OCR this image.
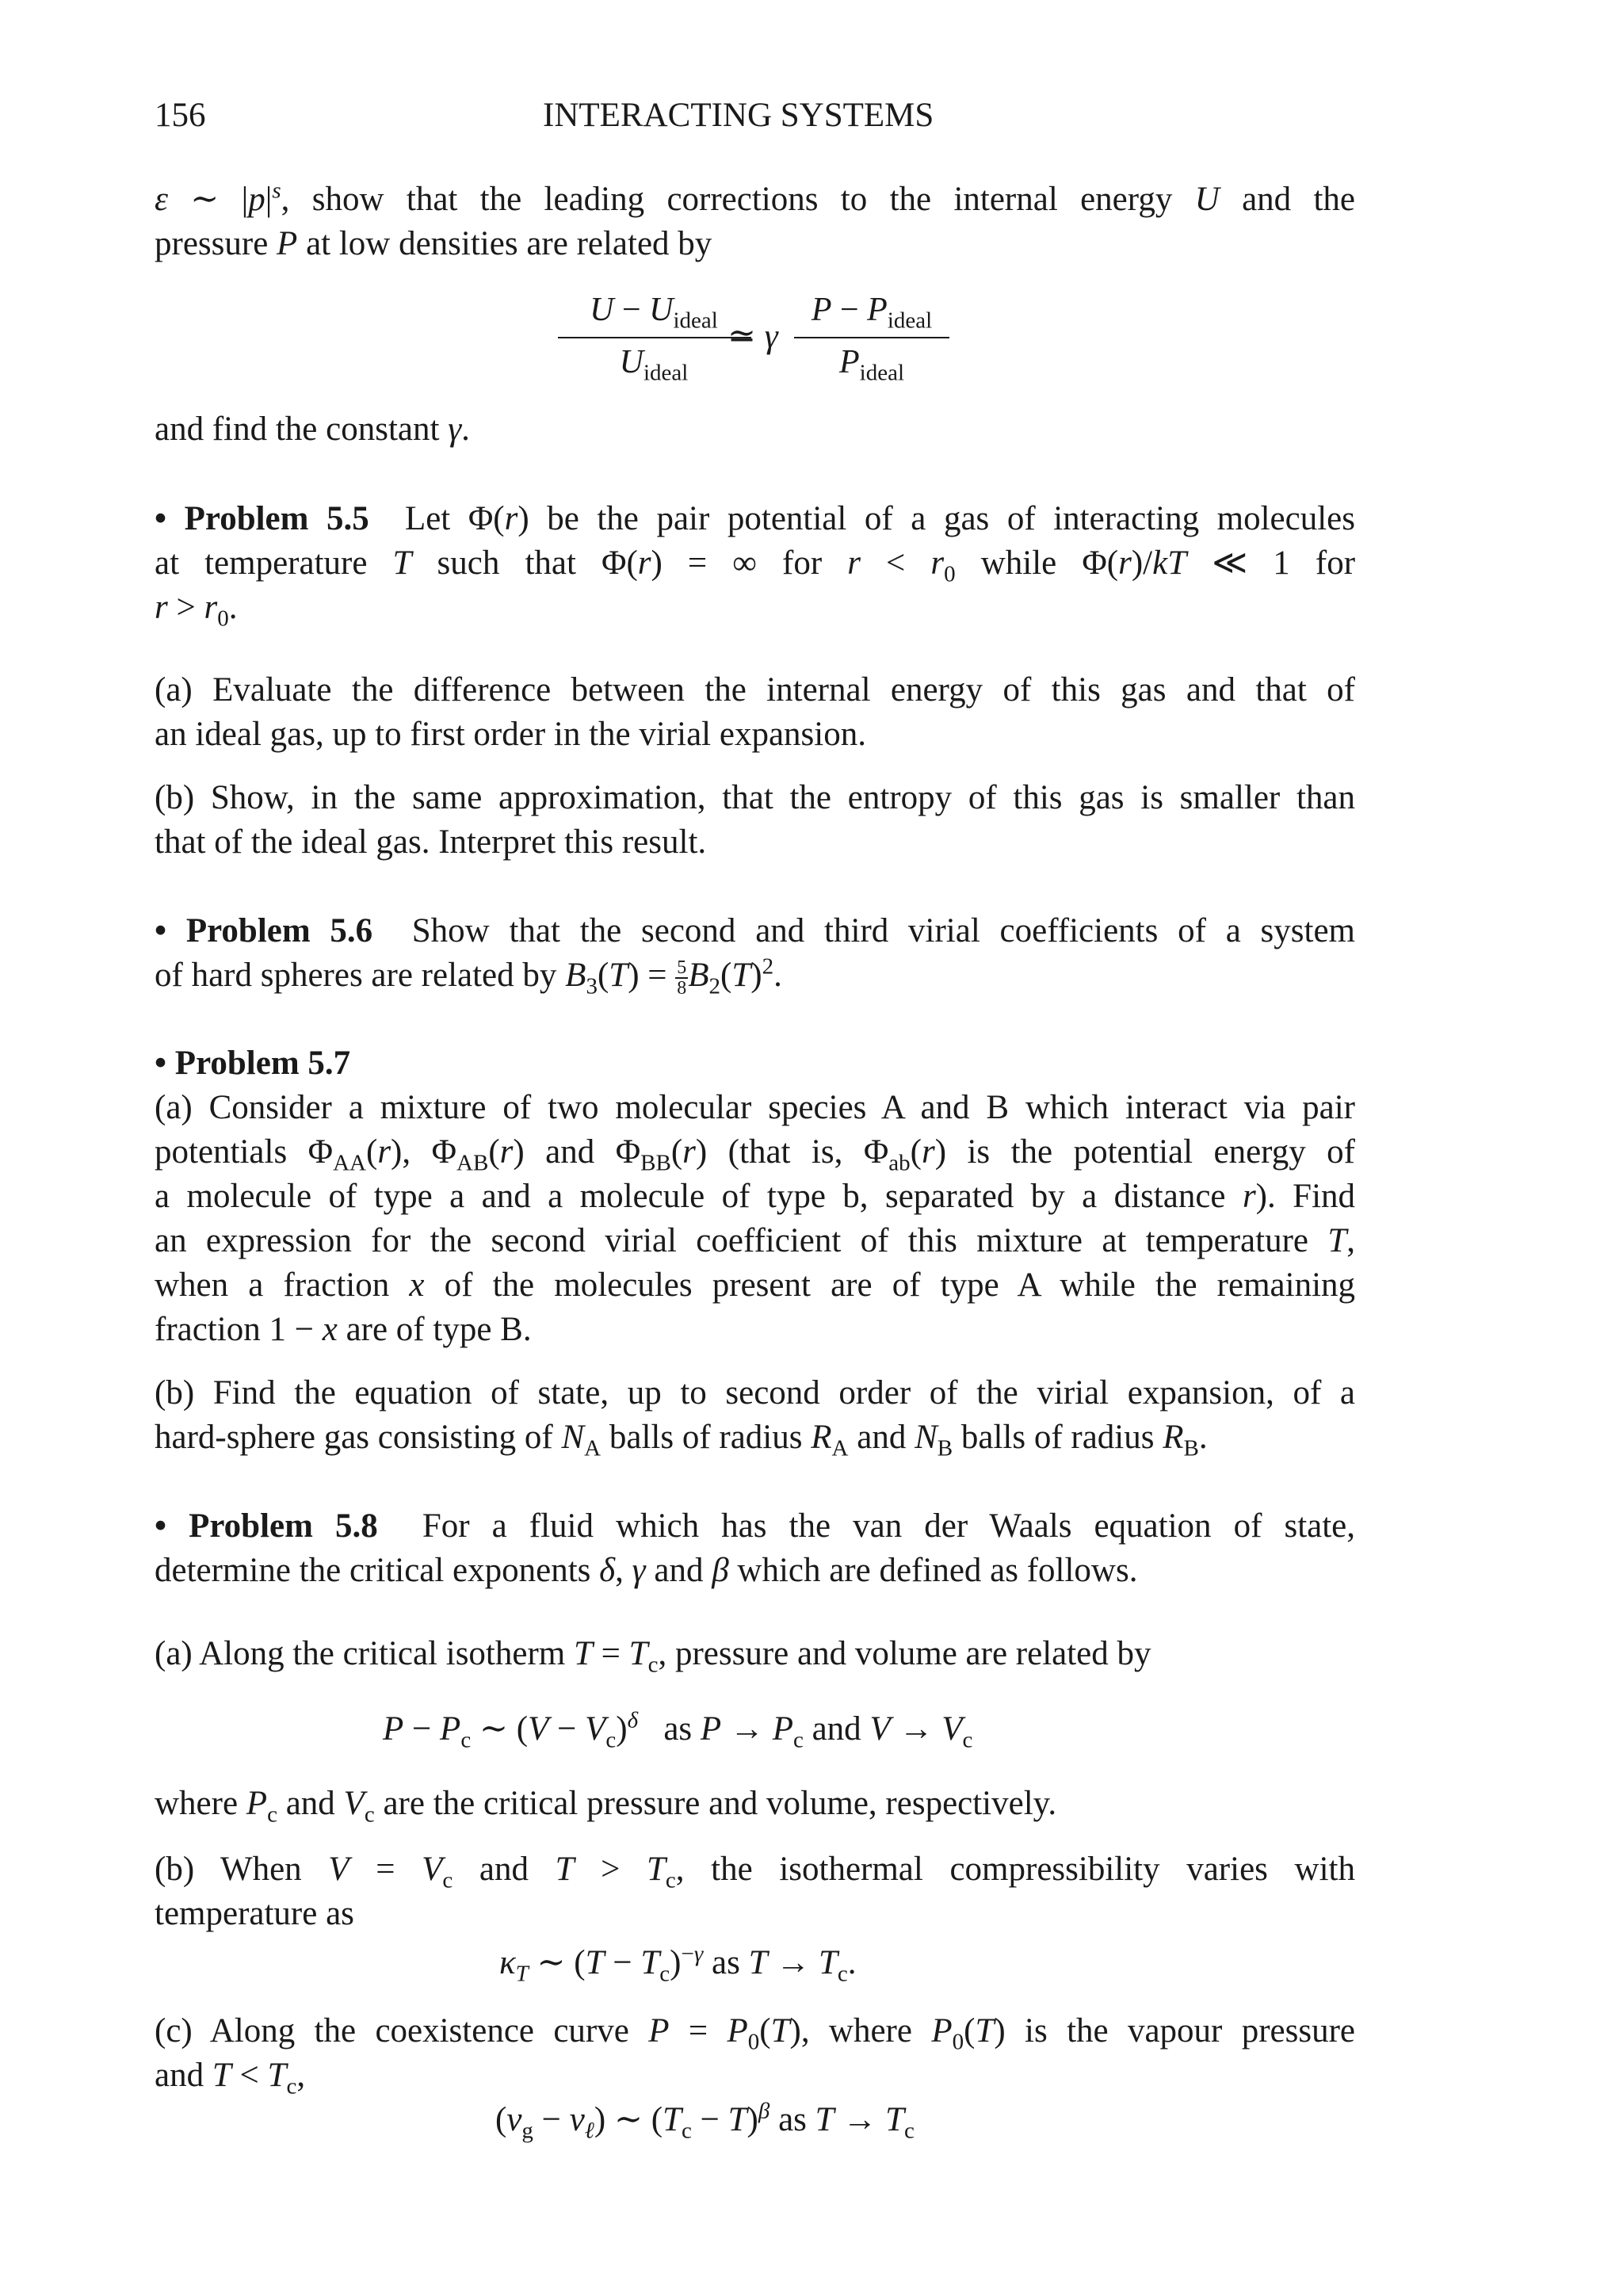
156	INTERACTING SYSTEMS
ε ∼ $|p|^s$, show that the leading corrections to the internal energy U and the
pressure P at low densities are related by
$U - U_{ideal}$
$U_{ideal}$
≃ γ
$P - P_{ideal}$
$P_{ideal}$
and find the constant γ.
• Problem 5.5 Let Φ(r) be the pair potential of a gas of interacting molecules
at temperature T such that Φ(r) = ∞ for $r < r_0$ while Φ(r)/kT ≪ 1 for
$r > r_0$.
(a) Evaluate the difference between the internal energy of this gas and that of
an ideal gas, up to first order in the virial expansion.
(b) Show, in the same approximation, that the entropy of this gas is smaller than
that of the ideal gas. Interpret this result.
• Problem 5.6 Show that the second and third virial coefficients of a system
of hard spheres are related by $B_3(T) = \frac{5}{8}B_2(T)^2$.
• Problem 5.7
(a) Consider a mixture of two molecular species A and B which interact via pair
potentials $\Phi_{AA}(r)$, $\Phi_{AB}(r)$ and $\Phi_{BB}(r)$ (that is, $\Phi_{ab}(r)$ is the potential energy of
a molecule of type a and a molecule of type b, separated by a distance r). Find
an expression for the second virial coefficient of this mixture at temperature T,
when a fraction x of the molecules present are of type A while the remaining
fraction 1 − x are of type B.
(b) Find the equation of state, up to second order of the virial expansion, of a
hard-sphere gas consisting of $N_A$ balls of radius $R_A$ and $N_B$ balls of radius $R_B$.
• Problem 5.8 For a fluid which has the van der Waals equation of state,
determine the critical exponents δ, γ and β which are defined as follows.
(a) Along the critical isotherm $T = T_c$, pressure and volume are related by
$P - P_c$ ∼ $(V - V_c)^\delta$ as $P \to P_c$ and $V \to V_c$
where $P_c$ and $V_c$ are the critical pressure and volume, respectively.
(b) When $V = V_c$ and $T > T_c$, the isothermal compressibility varies with
temperature as
$\kappa_T$ ∼ $(T - T_c)^{-\gamma}$ as $T \to T_c$.
(c) Along the coexistence curve $P = P_0(T)$, where $P_0(T)$ is the vapour pressure
and $T < T_c$,
$(v_g - v_\ell)$ ∼ $(T_c - T)^\beta$ as $T \to T_c$
